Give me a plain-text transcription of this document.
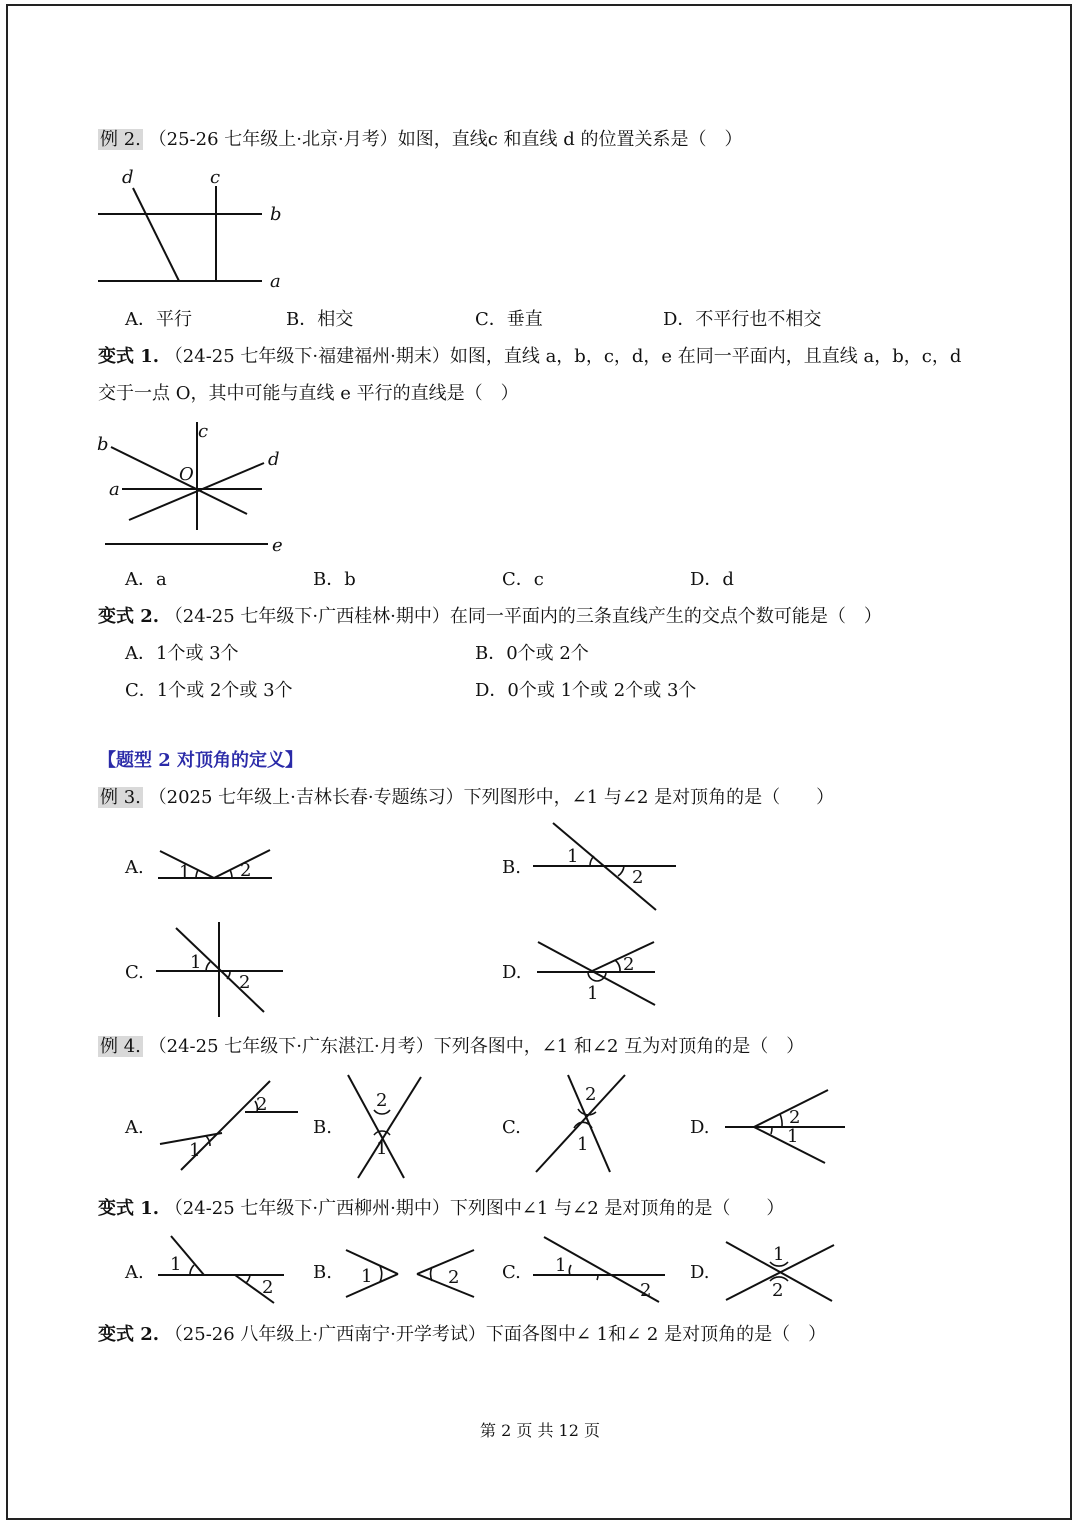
例 2. （25-26 七年级上·北京·月考）如图，直线c 和直线 d 的位置关系是（　）
d	c
b
a
A．平行	B．相交	C．垂直	D．不平行也不相交
变式 1. （24-25 七年级下·福建福州·期末）如图，直线 a，b，c，d，e 在同一平面内，且直线 a，b，c，d
交于一点 O，其中可能与直线 e 平行的直线是（　）
b
c
d
a
O
e
A．a	B．b	C．c	D．d
变式 2. （24-25 七年级下·广西桂林·期中）在同一平面内的三条直线产生的交点个数可能是（　）
A．1个或 3个	B．0个或 2个
C．1个或 2个或 3个	D．0个或 1个或 2个或 3个
【题型 2 对顶角的定义】
例 3. （2025 七年级上·吉林长春·专题练习）下列图形中，∠1 与∠2 是对顶角的是（　　）
A.	B.
C.	D.
1	2
1
2
1
2
1
2
例 4. （24-25 七年级下·广东湛江·月考）下列各图中，∠1 和∠2 互为对顶角的是（　）
A.	B.	C.	D.
1
2	2
1
2
1
2
1
变式 1. （24-25 七年级下·广西柳州·期中）下列图中∠1 与∠2 是对顶角的是（　　）
A.	B.	C.	D.
1
2
1	2
1
2
1
2
变式 2. （25-26 八年级上·广西南宁·开学考试）下面各图中∠ 1和∠ 2 是对顶角的是（　）
第 2 页 共 12 页
